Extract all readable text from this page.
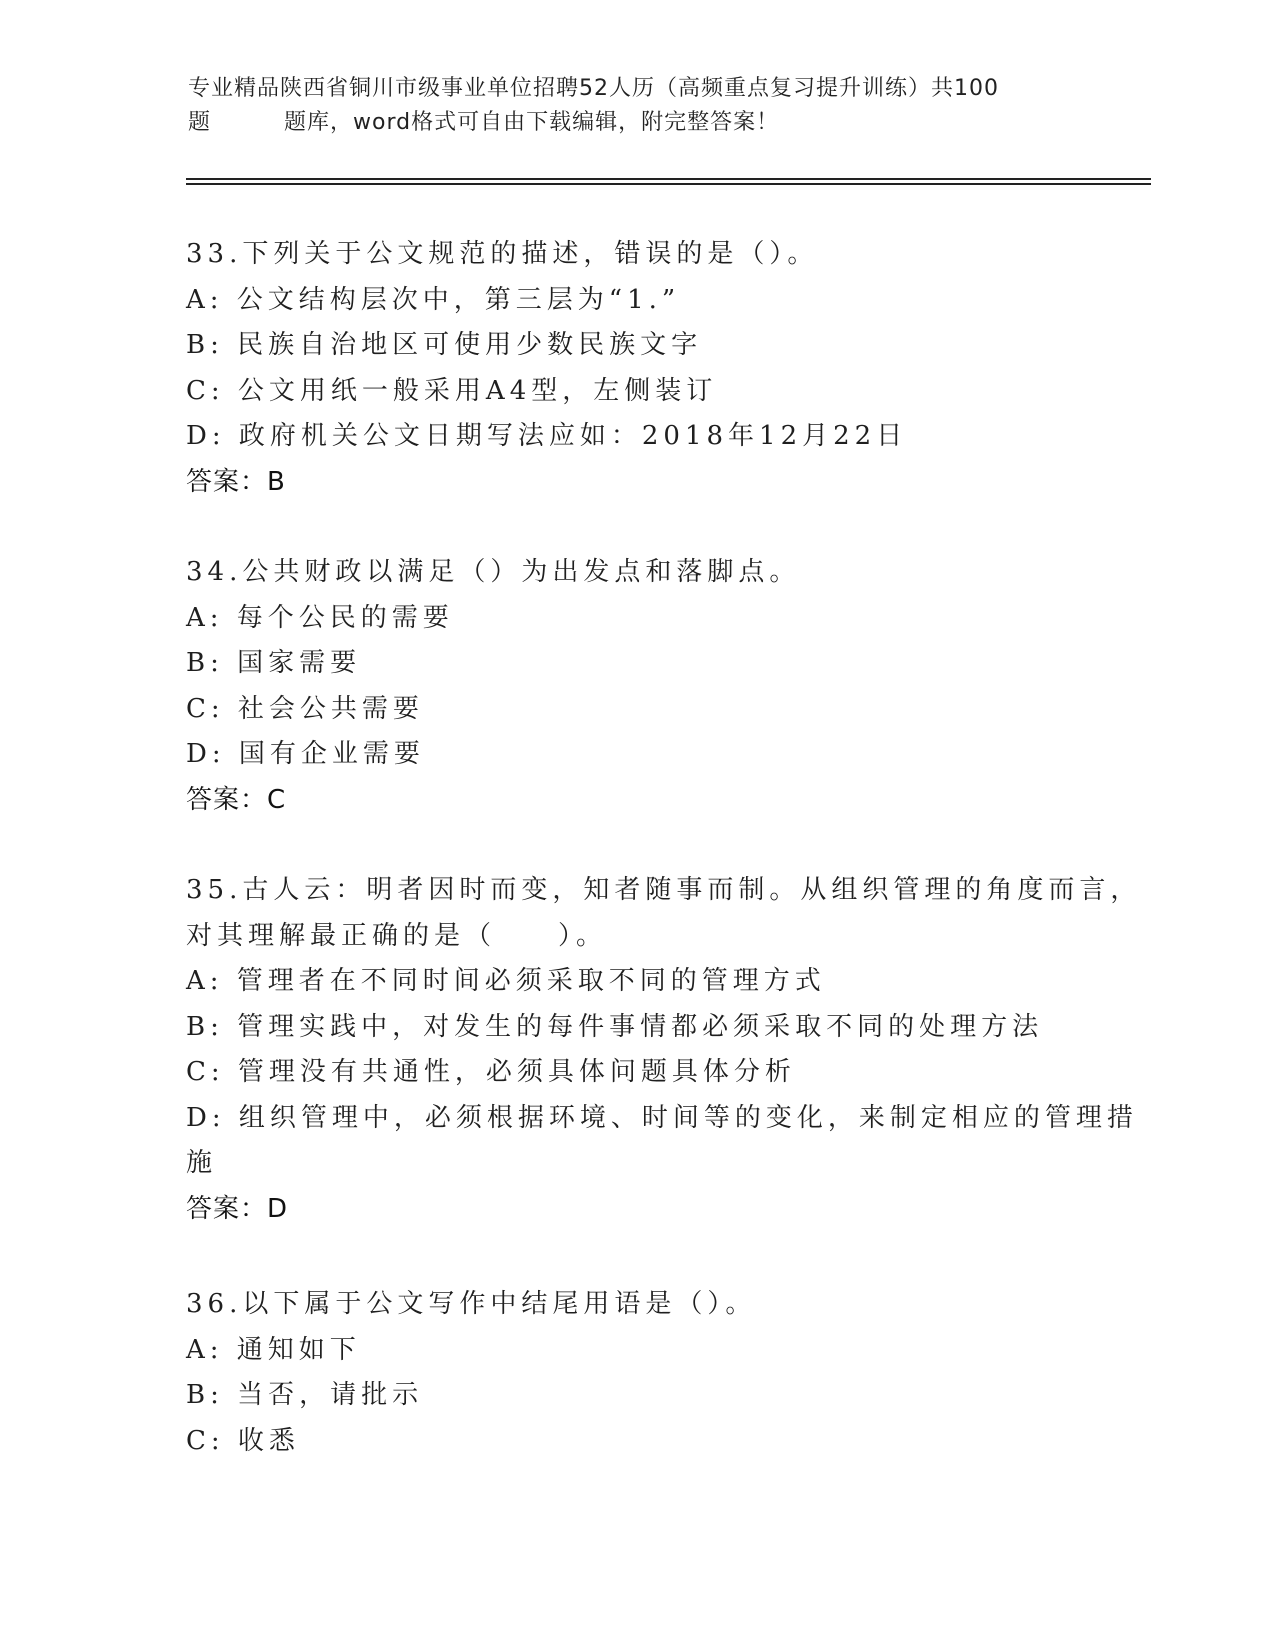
专业精品陕西省铜川市级事业单位招聘52人历（高频重点复习提升训练）共100
题	题库，word格式可自由下载编辑，附完整答案！
33.下列关于公文规范的描述，错误的是（）。
A: 公文结构层次中，第三层为“1.”
B: 民族自治地区可使用少数民族文字
C: 公文用纸一般采用A4型，左侧装订
D: 政府机关公文日期写法应如：2018年12月22日
答案：B
34.公共财政以满足（）为出发点和落脚点。
A: 每个公民的需要
B: 国家需要
C: 社会公共需要
D: 国有企业需要
答案：C
35.古人云：明者因时而变，知者随事而制。从组织管理的角度而言，
对其理解最正确的是（　　）。
A: 管理者在不同时间必须采取不同的管理方式
B: 管理实践中，对发生的每件事情都必须采取不同的处理方法
C: 管理没有共通性，必须具体问题具体分析
D: 组织管理中，必须根据环境、时间等的变化，来制定相应的管理措
施
答案：D
36.以下属于公文写作中结尾用语是（）。
A: 通知如下
B: 当否，请批示
C: 收悉
